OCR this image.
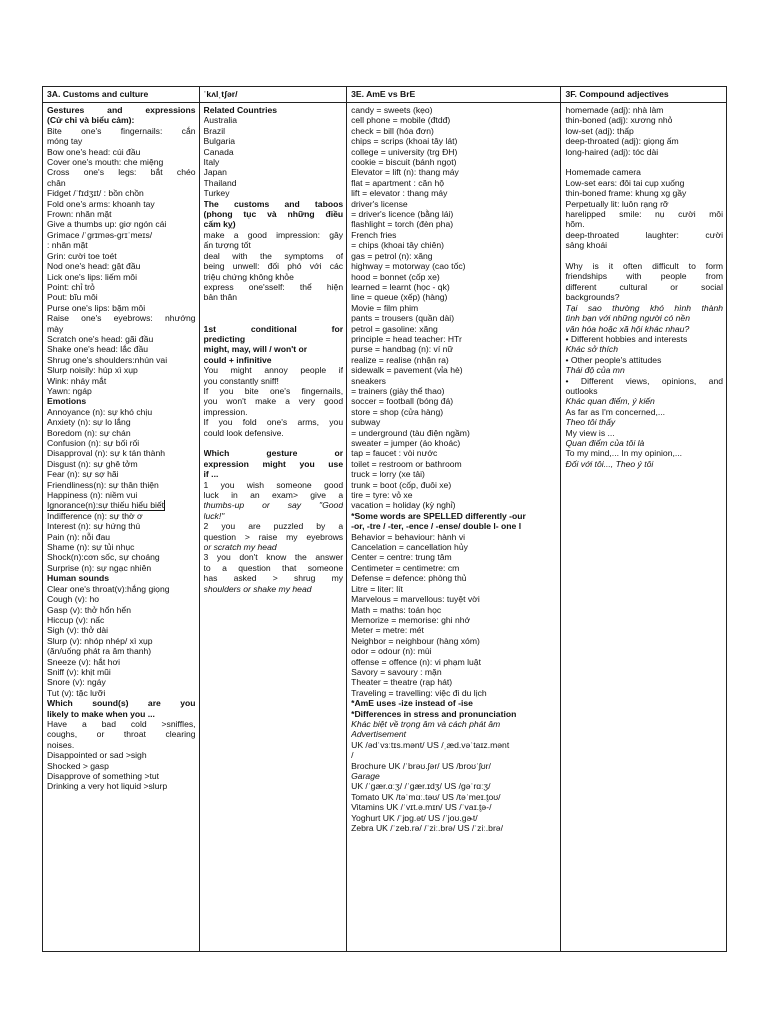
3A. Customs and culture
Gestures and expressions
(Cử chỉ và biểu cảm):
Bite one's fingernails: cắn
móng tay
Bow one's head: cúi đầu
Cover one's mouth: che miệng
Cross one's legs: bắt chéo
chân
Fidget /ˈfɪdʒɪt/ : bồn chồn
Fold one's arms: khoanh tay
Frown: nhăn mặt
Give a thumbs up: giơ ngón cái
Grimace /ˈɡrɪməs-ɡrɪˈmeɪs/
: nhăn mặt
Grin: cười toe toét
Nod one's head: gật đầu
Lick one's lips: liếm môi
Point: chỉ trỏ
Pout: bĩu môi
Purse one's lips: bặm môi
Raise one's eyebrows: nhướng
mày
Scratch one's head: gãi đầu
Shake one's head: lắc đầu
Shrug one's shoulders:nhún vai
Slurp noisily: húp xì xụp
Wink: nháy mắt
Yawn: ngáp
Emotions
Annoyance (n): sự khó chịu
Anxiety (n): sự lo lắng
Boredom (n): sự chán
Confusion (n): sự bối rối
Disapproval (n): sự k tán thành
Disgust (n): sự ghê tởm
Fear (n): sự sợ hãi
Friendliness(n): sự thân thiện
Happiness (n): niềm vui
Ignorance(n):sự thiếu hiểu biết
Indifference (n): sự thờ ơ
Interest (n): sự hứng thú
Pain (n): nỗi đau
Shame (n): sự tủi nhục
Shock(n):cơn sốc, sự choáng
Surprise (n): sự ngạc nhiên
Human sounds
Clear one's throat(v):hắng giọng
Cough (v): ho
Gasp (v): thở hổn hển
Hiccup (v): nấc
Sigh (v): thở dài
Slurp (v): nhóp nhép/ xì xụp
(ăn/uống phát ra âm thanh)
Sneeze (v): hắt hơi
Sniff (v): khịt mũi
Snore (v): ngáy
Tut (v): tặc lưỡi
Which sound(s) are you
likely to make when you ...
Have a bad cold >sniffles,
coughs, or throat clearing
noises.
Disappointed or sad >sigh
Shocked > gasp
Disapprove of something >tut
Drinking a very hot liquid >slurp
ˈkʌlˌtʃər/
Related Countries
Australia
Brazil
Bulgaria
Canada
Italy
Japan
Thailand
Turkey
The customs and taboos
(phong tục và những điều
cấm kỵ)
make a good impression: gây
ấn tượng tốt
deal with the symptoms of
being unwell: đối phó với các
triệu chứng không khỏe
express one'sself: thể hiện
bản thân
1st conditional for
predicting
might, may, will / won't or
could + infinitive
You might annoy people if
you constantly sniff!
If you bite one's fingernails,
you won't make a very good
impression.
If you fold one's arms, you
could look defensive.
Which gesture or
expression might you use
if ...
1 you wish someone good
luck in an exam> give a
thumbs-up or say "Good
luck!"
2 you are puzzled by a
question > raise my eyebrows
or scratch my head
3 you don't know the answer
to a question that someone
has asked > shrug my
shoulders or shake my head
3E. AmE vs BrE
candy = sweets (kẹo)
cell phone = mobile (đtdđ)
check = bill (hóa đơn)
chips = scrips (khoai tây lát)
college = university (trg ĐH)
cookie = biscuit (bánh ngọt)
Elevator = lift (n): thang máy
flat = apartment : căn hộ
lift = elevator : thang máy
driver's license
= driver's licence (bằng lái)
flashlight = torch (đèn pha)
French fries
= chips (khoai tây chiên)
gas = petrol (n): xăng
highway = motorway (cao tốc)
hood = bonnet (cốp xe)
learned = learnt (học - qk)
line = queue (xếp) (hàng)
Movie = film phim
pants = trousers (quần dài)
petrol = gasoline: xăng
principle = head teacher: HTr
purse = handbag (n): ví nữ
realize = realise (nhận ra)
sidewalk = pavement (vỉa hè)
sneakers
= trainers (giày thể thao)
soccer = football (bóng đá)
store = shop (cửa hàng)
subway
= underground (tàu điện ngầm)
sweater = jumper (áo khoác)
tap = faucet : vòi nước
toilet = restroom or bathroom
truck = lorry (xe tải)
trunk = boot (cốp, đuôi xe)
tire = tyre: vỏ xe
vacation = holiday (kỳ nghỉ)
*Some words are SPELLED differently -our
-or, -tre / -ter, -ence / -ense/ double l- one l
Behavior = behaviour: hành vi
Cancelation = cancellation hủy
Center = centre: trung tâm
Centimeter = centimetre: cm
Defense = defence: phòng thủ
Litre = liter: lít
Marvelous = marvellous: tuyệt vời
Math = maths: toán học
Memorize = memorise: ghi nhớ
Meter = metre: mét
Neighbor = neighbour (hàng xóm)
odor = odour (n): mùi
offense = offence (n): vi phạm luật
Savory = savoury : mặn
Theater = theatre (rạp hát)
Traveling = travelling: việc đi du lịch
*AmE uses -ize instead of -ise
*Differences in stress and pronunciation
Khác biệt về trọng âm và cách phát âm
Advertisement
UK /ədˈvɜːtɪs.mənt/ US /ˌæd.vəˈtaɪz.mənt
/
Brochure UK /ˈbrəʊ.ʃər/ US /broʊˈʃʊr/
Garage
UK /ˈɡær.ɑːʒ/ /ˈɡær.ɪdʒ/ US /ɡəˈrɑːʒ/
Tomato UK /təˈmɑː.təʊ/ US /təˈmeɪ.t̬oʊ/
Vitamins UK /ˈvɪt.ə.mɪn/ US /ˈvaɪ.t̬ə-/
Yoghurt UK /ˈjɒɡ.ət/ US /ˈjoʊ.ɡɚt/
Zebra UK /ˈzeb.rə/ /ˈziː.brə/ US /ˈziː.brə/
3F. Compound adjectives
homemade (adj): nhà làm
thin-boned (adj): xương nhỏ
low-set (adj): thấp
deep-throated (adj): giọng ấm
long-haired (adj): tóc dài
Homemade camera
Low-set ears: đôi tai cụp xuống
thin-boned frame: khung xg gầy
Perpetually lit: luôn rạng rỡ
harelipped smile: nụ cười môi
hõm.
deep-throated laughter: cười
sảng khoái
Why is it often difficult to form
friendships with people from
different cultural or social
backgrounds?
Tại sao thường khó hình thành
tình bạn với những người có nền
văn hóa hoặc xã hội khác nhau?
• Different hobbies and interests
Khác sở thích
• Other people's attitudes
Thái độ của mn
• Different views, opinions, and
outlooks
Khác quan điểm, ý kiến
As far as I'm concerned,...
Theo tôi thấy
My view is ...
Quan điểm của tôi là
To my mind,... In my opinion,...
Đối với tôi..., Theo ý tôi
